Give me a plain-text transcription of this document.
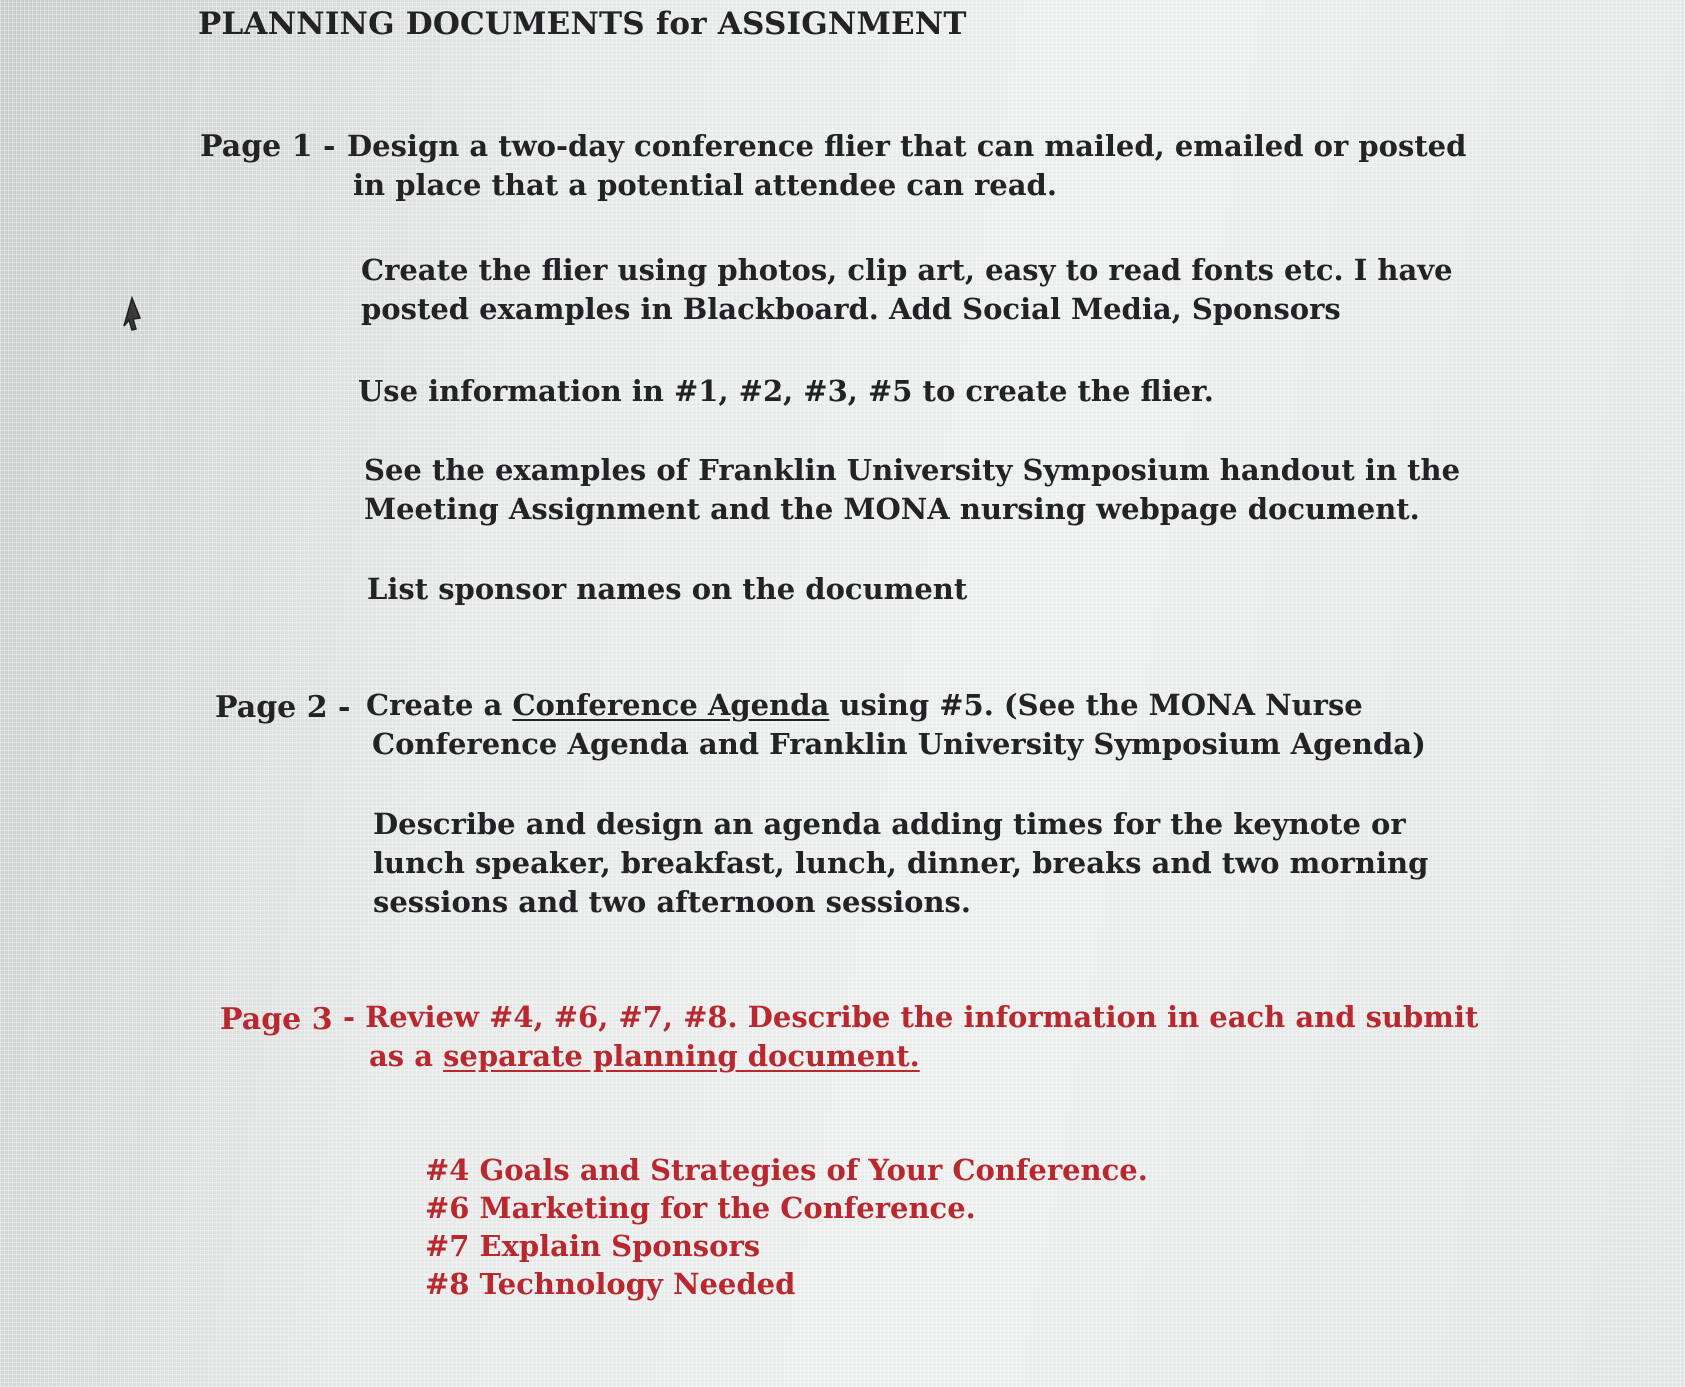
PLANNING DOCUMENTS for ASSIGNMENT
Page 1 - Design a two-day conference flier that can mailed, emailed or posted
in place that a potential attendee can read.
Create the flier using photos, clip art, easy to read fonts etc. I have
posted examples in Blackboard. Add Social Media, Sponsors
Use information in #1, #2, #3, #5 to create the flier.
See the examples of Franklin University Symposium handout in the
Meeting Assignment and the MONA nursing webpage document.
List sponsor names on the document
Page 2 - Create a Conference Agenda using #5. (See the MONA Nurse
Conference Agenda and Franklin University Symposium Agenda)
Describe and design an agenda adding times for the keynote or
lunch speaker, breakfast, lunch, dinner, breaks and two morning
sessions and two afternoon sessions.
Page 3 - Review #4, #6, #7, #8. Describe the information in each and submit
as a separate planning document.
#4 Goals and Strategies of Your Conference.
#6 Marketing for the Conference.
#7 Explain Sponsors
#8 Technology Needed
